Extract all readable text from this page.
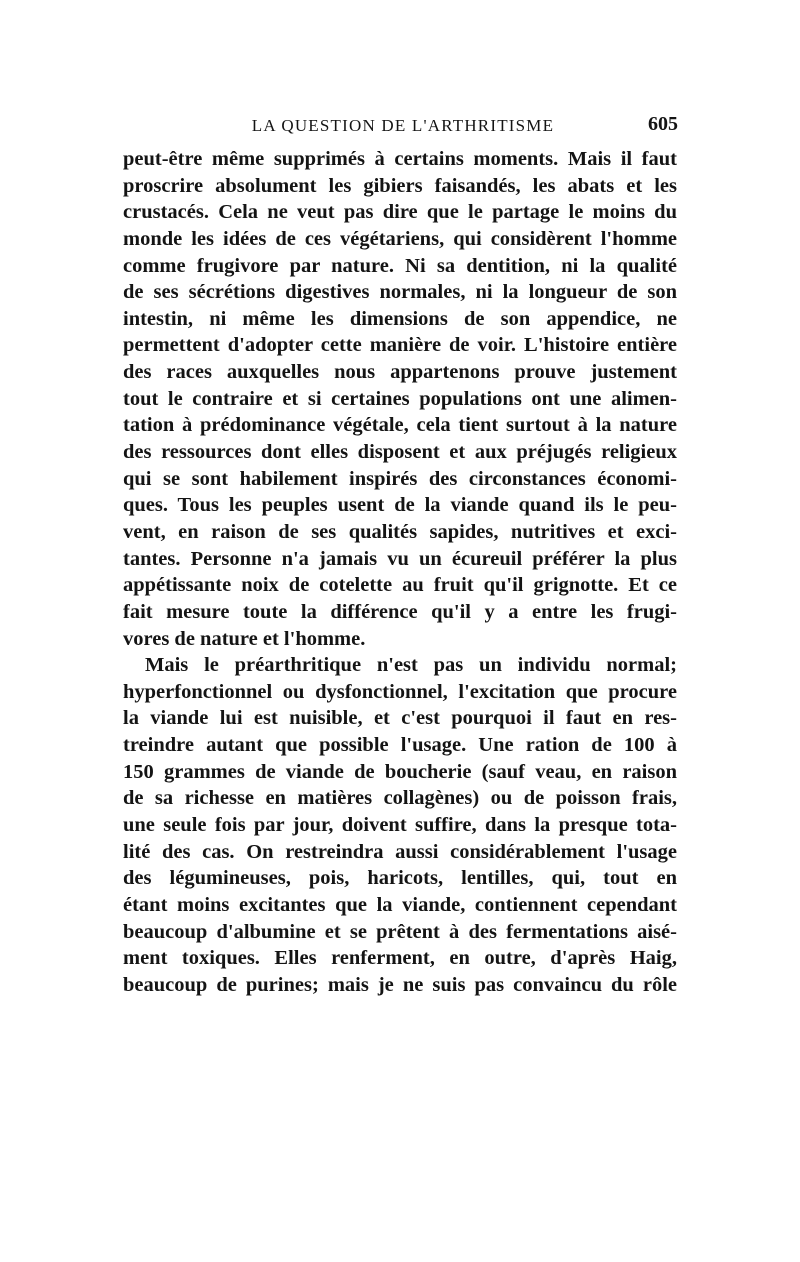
LA QUESTION DE L'ARTHRITISME	605
peut-être même supprimés à certains moments. Mais il faut
proscrire absolument les gibiers faisandés, les abats et les
crustacés. Cela ne veut pas dire que le partage le moins du
monde les idées de ces végétariens, qui considèrent l'homme
comme frugivore par nature. Ni sa dentition, ni la qualité
de ses sécrétions digestives normales, ni la longueur de son
intestin, ni même les dimensions de son appendice, ne
permettent d'adopter cette manière de voir. L'histoire entière
des races auxquelles nous appartenons prouve justement
tout le contraire et si certaines populations ont une alimen-
tation à prédominance végétale, cela tient surtout à la nature
des ressources dont elles disposent et aux préjugés religieux
qui se sont habilement inspirés des circonstances économi-
ques. Tous les peuples usent de la viande quand ils le peu-
vent, en raison de ses qualités sapides, nutritives et exci-
tantes. Personne n'a jamais vu un écureuil préférer la plus
appétissante noix de cotelette au fruit qu'il grignotte. Et ce
fait mesure toute la différence qu'il y a entre les frugi-
vores de nature et l'homme.
Mais le préarthritique n'est pas un individu normal;
hyperfonctionnel ou dysfonctionnel, l'excitation que procure
la viande lui est nuisible, et c'est pourquoi il faut en res-
treindre autant que possible l'usage. Une ration de 100 à
150 grammes de viande de boucherie (sauf veau, en raison
de sa richesse en matières collagènes) ou de poisson frais,
une seule fois par jour, doivent suffire, dans la presque tota-
lité des cas. On restreindra aussi considérablement l'usage
des légumineuses, pois, haricots, lentilles, qui, tout en
étant moins excitantes que la viande, contiennent cependant
beaucoup d'albumine et se prêtent à des fermentations aisé-
ment toxiques. Elles renferment, en outre, d'après Haig,
beaucoup de purines; mais je ne suis pas convaincu du rôle
